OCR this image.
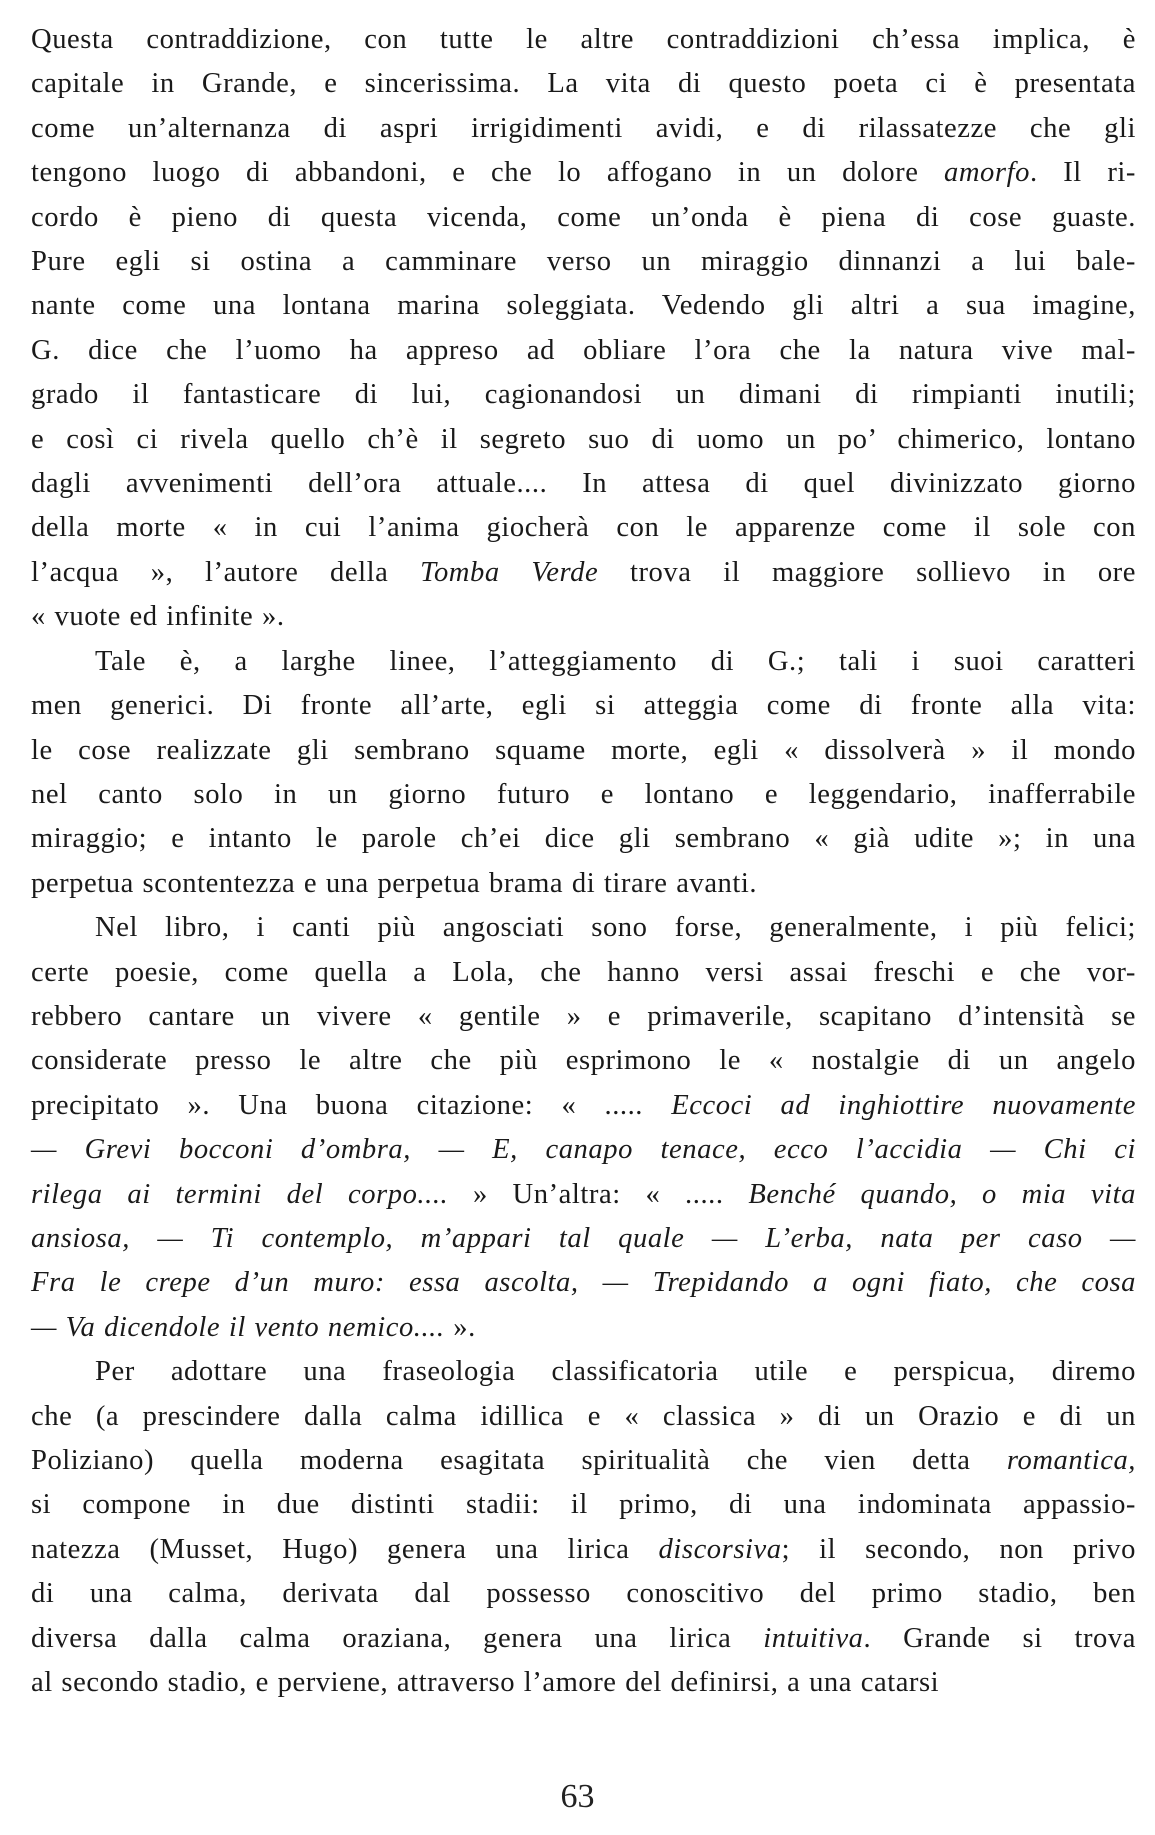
Questa contraddizione, con tutte le altre contraddizioni ch’essa implica, è
capitale in Grande, e sincerissima. La vita di questo poeta ci è presentata
come un’alternanza di aspri irrigidimenti avidi, e di rilassatezze che gli
tengono luogo di abbandoni, e che lo affogano in un dolore amorfo. Il ri-
cordo è pieno di questa vicenda, come un’onda è piena di cose guaste.
Pure egli si ostina a camminare verso un miraggio dinnanzi a lui bale-
nante come una lontana marina soleggiata. Vedendo gli altri a sua imagine,
G. dice che l’uomo ha appreso ad obliare l’ora che la natura vive mal-
grado il fantasticare di lui, cagionandosi un dimani di rimpianti inutili;
e così ci rivela quello ch’è il segreto suo di uomo un po’ chimerico, lontano
dagli avvenimenti dell’ora attuale.... In attesa di quel divinizzato giorno
della morte « in cui l’anima giocherà con le apparenze come il sole con
l’acqua », l’autore della Tomba Verde trova il maggiore sollievo in ore
« vuote ed infinite ».
Tale è, a larghe linee, l’atteggiamento di G.; tali i suoi caratteri
men generici. Di fronte all’arte, egli si atteggia come di fronte alla vita:
le cose realizzate gli sembrano squame morte, egli « dissolverà » il mondo
nel canto solo in un giorno futuro e lontano e leggendario, inafferrabile
miraggio; e intanto le parole ch’ei dice gli sembrano « già udite »; in una
perpetua scontentezza e una perpetua brama di tirare avanti.
Nel libro, i canti più angosciati sono forse, generalmente, i più felici;
certe poesie, come quella a Lola, che hanno versi assai freschi e che vor-
rebbero cantare un vivere « gentile » e primaverile, scapitano d’intensità se
considerate presso le altre che più esprimono le « nostalgie di un angelo
precipitato ». Una buona citazione: « ..... Eccoci ad inghiottire nuovamente
— Grevi bocconi d’ombra, — E, canapo tenace, ecco l’accidia — Chi ci
rilega ai termini del corpo.... » Un’altra: « ..... Benché quando, o mia vita
ansiosa, — Ti contemplo, m’appari tal quale — L’erba, nata per caso —
Fra le crepe d’un muro: essa ascolta, — Trepidando a ogni fiato, che cosa
— Va dicendole il vento nemico.... ».
Per adottare una fraseologia classificatoria utile e perspicua, diremo
che (a prescindere dalla calma idillica e « classica » di un Orazio e di un
Poliziano) quella moderna esagitata spiritualità che vien detta romantica,
si compone in due distinti stadii: il primo, di una indominata appassio-
natezza (Musset, Hugo) genera una lirica discorsiva; il secondo, non privo
di una calma, derivata dal possesso conoscitivo del primo stadio, ben
diversa dalla calma oraziana, genera una lirica intuitiva. Grande si trova
al secondo stadio, e perviene, attraverso l’amore del definirsi, a una catarsi
63
